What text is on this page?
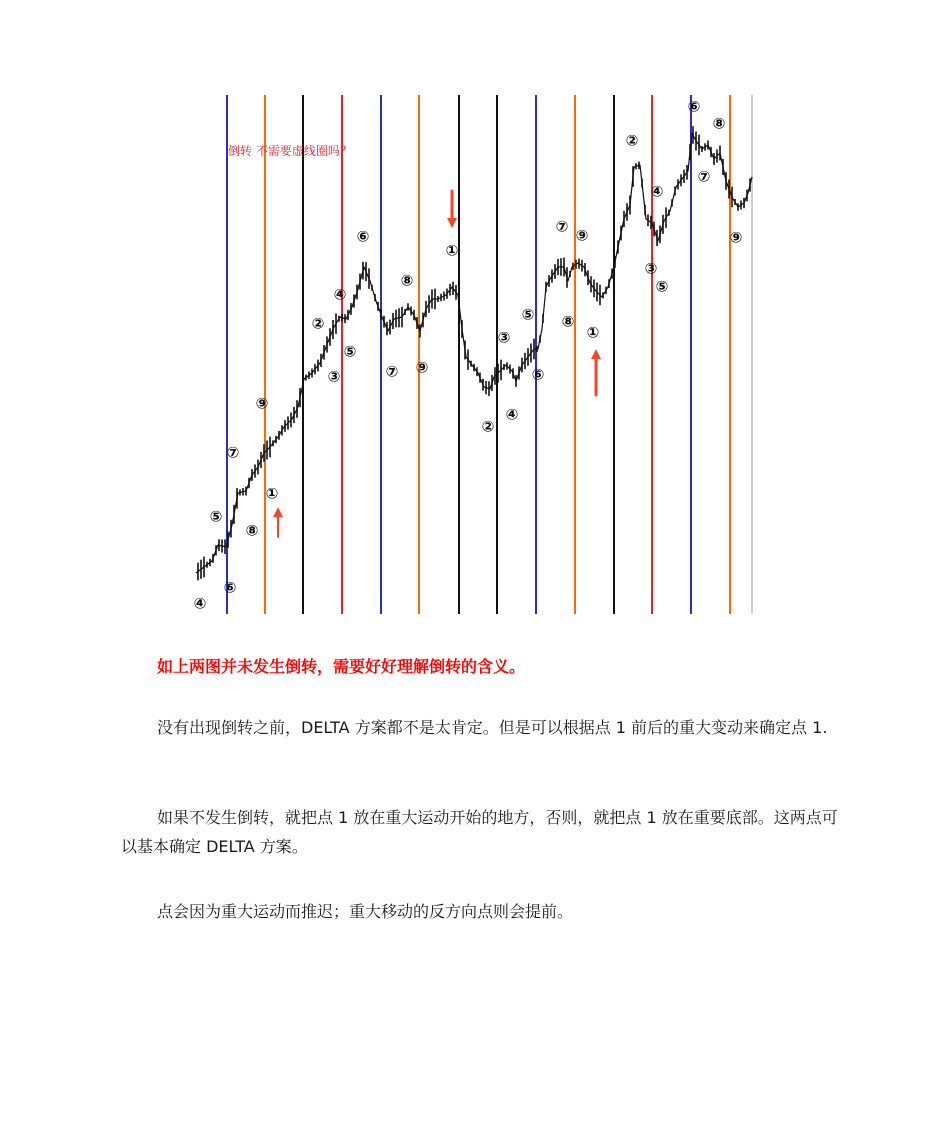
倒转 不需要虚线圈吗？
④
⑥
⑤
⑧
⑦
⑨
①
②
③
④
⑤
⑥
⑦
⑧
⑨
①
②
③
④
⑤
⑥
⑦
⑧
⑨
①
②
③
④
⑤
⑥
⑧
⑦
⑨

如上两图并未发生倒转，需要好好理解倒转的含义。

没有出现倒转之前，DELTA 方案都不是太肯定。但是可以根据点 1 前后的重大变动来确定点 1.

如果不发生倒转，就把点 1 放在重大运动开始的地方，否则，就把点 1 放在重要底部。这两点可以基本确定 DELTA 方案。

点会因为重大运动而推迟；重大移动的反方向点则会提前。
